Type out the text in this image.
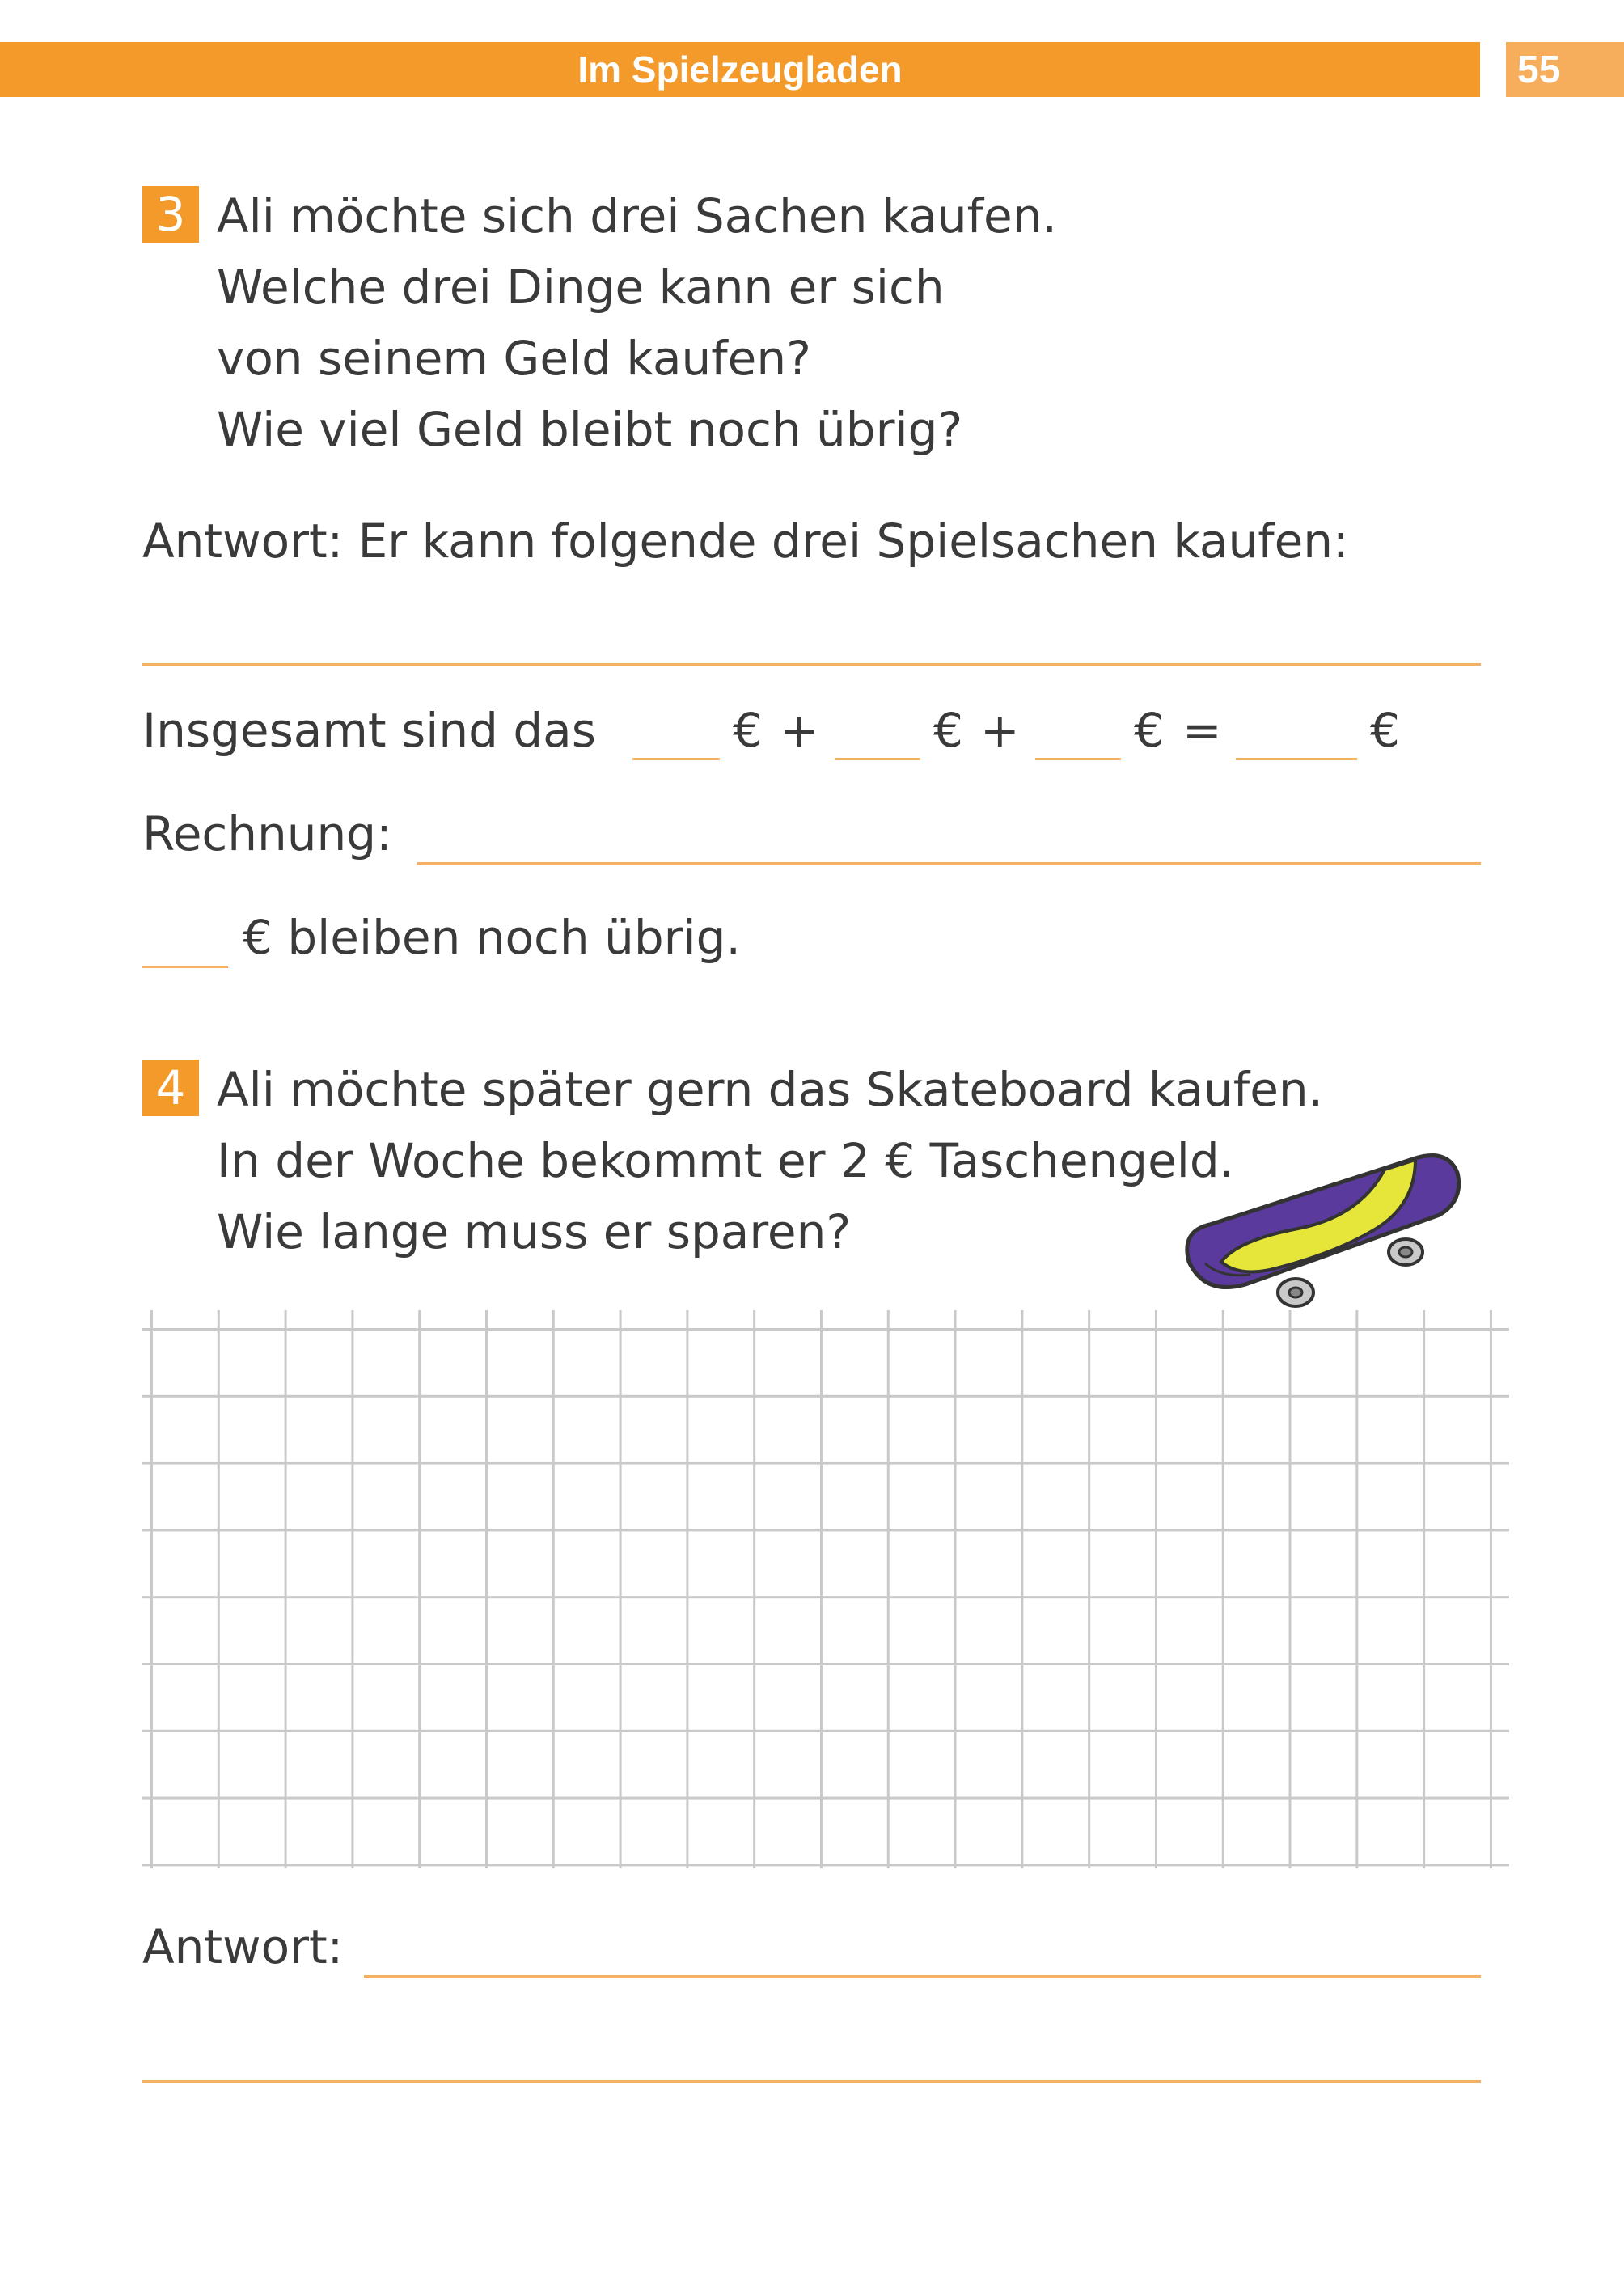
Im Spielzeugladen	55
3 Ali möchte sich drei Sachen kaufen.
Welche drei Dinge kann er sich
von seinem Geld kaufen?
Wie viel Geld bleibt noch übrig?
Antwort: Er kann folgende drei Spielsachen kaufen:
Insgesamt sind das	€ + € + € =	€
Rechnung:
€ bleiben noch übrig.
4 Ali möchte später gern das Skateboard kaufen.
In der Woche bekommt er 2 € Taschengeld.
Wie lange muss er sparen?
Antwort:
